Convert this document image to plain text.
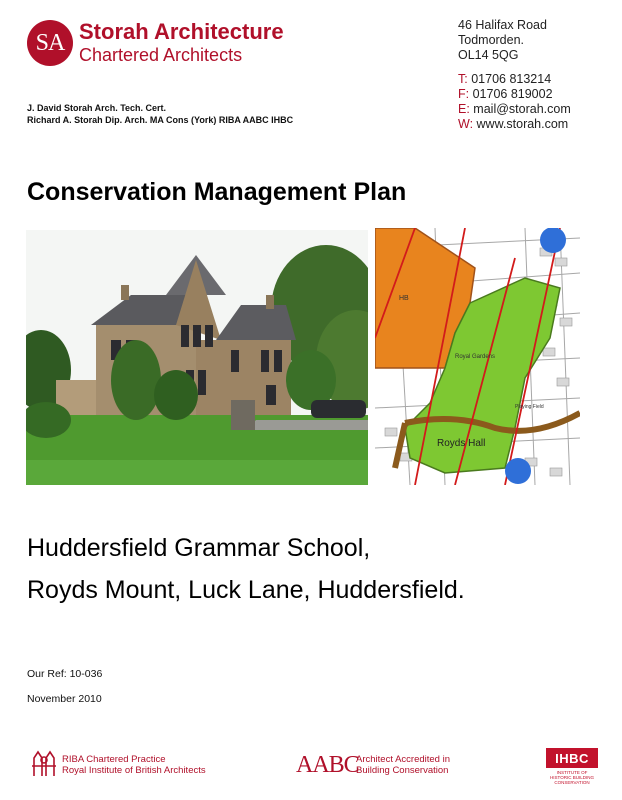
SA Storah Architecture
Chartered Architects
46 Halifax Road
Todmorden.
OL14 5QG
T: 01706 813214
F: 01706 819002
E: mail@storah.com
W: www.storah.com
J. David Storah Arch. Tech. Cert.
Richard A. Storah Dip. Arch. MA Cons (York) RIBA AABC IHBC
Conservation Management Plan
HB
Royal Gardens
Playing Field
Royds Hall
Huddersfield Grammar School,
Royds Mount, Luck Lane, Huddersfield.
Our Ref: 10-036
November 2010
RIBA Chartered Practice
Royal Institute of British Architects	AABC
Architect Accredited in
Building Conservation
IHBC
INSTITUTE OF HISTORIC BUILDING CONSERVATION
